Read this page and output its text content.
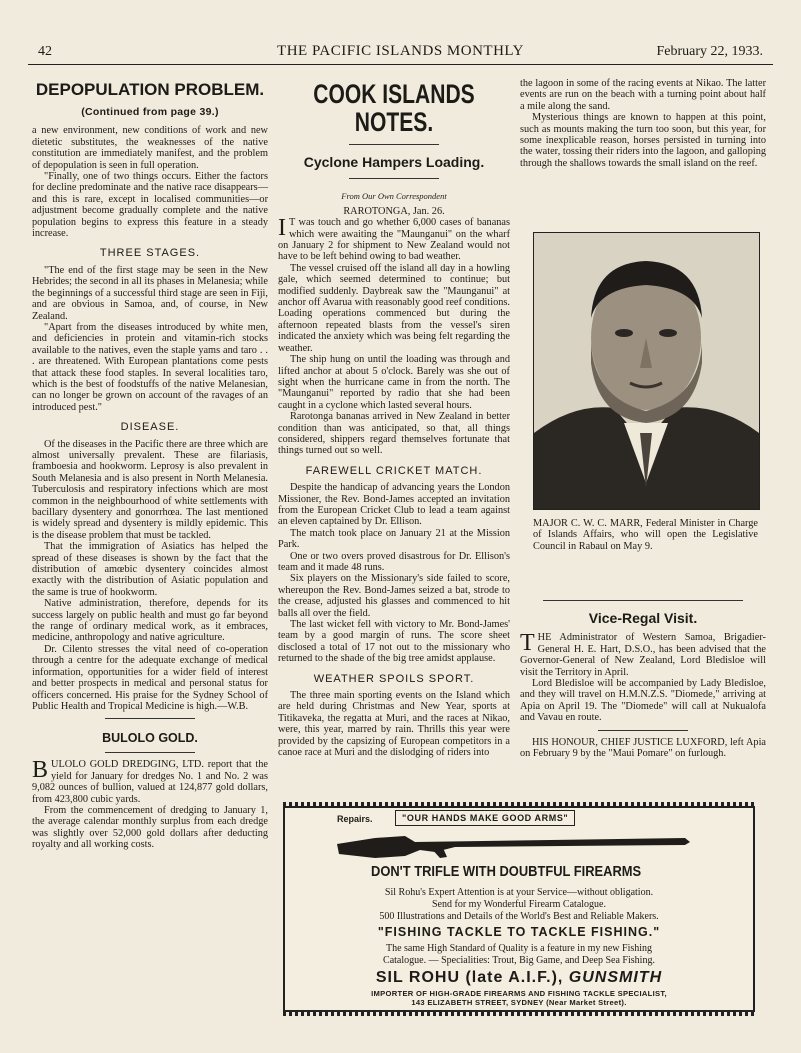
42	THE PACIFIC ISLANDS MONTHLY	February 22, 1933.
DEPOPULATION PROBLEM.
(Continued from page 39.)

a new environment, new conditions of work and new dietetic substitutes, the weaknesses of the native constitution are immediately manifest, and the problem of depopulation is seen in full operation.

"Finally, one of two things occurs. Either the factors for decline predominate and the native race disappears—and this is rare, except in localised communities—or adjustment become gradually complete and the native population begins to express this feature in a steady increase.

THREE STAGES.

"The end of the first stage may be seen in the New Hebrides; the second in all its phases in Melanesia; while the beginnings of a successful third stage are seen in Fiji, and are obvious in Samoa, and, of course, in New Zealand.

"Apart from the diseases introduced by white men, and deficiencies in protein and vitamin-rich stocks available to the natives, even the staple yams and taro . . . are threatened. With European plantations come pests that attack these food staples. In several localities taro, which is the best of foodstuffs of the native Melanesian, can no longer be grown on account of the ravages of an introduced pest."

DISEASE.

Of the diseases in the Pacific there are three which are almost universally prevalent. These are filariasis, framboesia and hookworm. Leprosy is also prevalent in South Melanesia and is also present in North Melanesia. Tuberculosis and respiratory infections which are most common in the neighbourhood of white settlements with bacillary dysentery and gonorrhœa. The last mentioned is widely spread and dysentery is mildly epidemic. This is the disease problem that must be tackled.

That the immigration of Asiatics has helped the spread of these diseases is shown by the fact that the distribution of amœbic dysentery coincides almost exactly with the distribution of Asiatic population and the same is true of hookworm.

Native administration, therefore, depends for its success largely on public health and must go far beyond the range of ordinary medical work, as it embraces, medicine, anthropology and native agriculture.

Dr. Cilento stresses the vital need of co-operation through a centre for the adequate exchange of medical information, opportunities for a wider field of interest and better prospects in medical and personal status for officers concerned. His praise for the Sydney School of Public Health and Tropical Medicine is high.—W.B.

BULOLO GOLD.

BULOLO GOLD DREDGING, LTD. report that the yield for January for dredges No. 1 and No. 2 was 9,082 ounces of bullion, valued at 124,877 gold dollars, from 423,800 cubic yards.

From the commencement of dredging to January 1, the average calendar monthly surplus from each dredge was slightly over 52,000 gold dollars after deducting royalty and all working costs.

COOK ISLANDS NOTES.
Cyclone Hampers Loading.
From Our Own Correspondent
RAROTONGA, Jan. 26.

I T was touch and go whether 6,000 cases of bananas which were awaiting the "Maunganui" on the wharf on January 2 for shipment to New Zealand would not have to be left behind owing to bad weather.

The vessel cruised off the island all day in a howling gale, which seemed determined to continue; but modified suddenly. Daybreak saw the "Maunganui" at anchor off Avarua with reasonably good reef conditions. Loading operations commenced but during the afternoon repeated blasts from the vessel's siren indicated the anxiety which was being felt regarding the weather.

The ship hung on until the loading was through and lifted anchor at about 5 o'clock. Barely was she out of sight when the hurricane came in from the north. The "Maunganui" reported by radio that she had been caught in a cyclone which lasted several hours.

Rarotonga bananas arrived in New Zealand in better condition than was anticipated, so that, all things considered, shippers regard themselves fortunate that things turned out so well.

FAREWELL CRICKET MATCH.

Despite the handicap of advancing years the London Missioner, the Rev. Bond-James accepted an invitation from the European Cricket Club to lead a team against an eleven captained by Dr. Ellison.

The match took place on January 21 at the Mission Park.

One or two overs proved disastrous for Dr. Ellison's team and it made 48 runs.

Six players on the Missionary's side failed to score, whereupon the Rev. Bond-James seized a bat, strode to the crease, adjusted his glasses and commenced to hit balls all over the field.

The last wicket fell with victory to Mr. Bond-James' team by a good margin of runs. The score sheet disclosed a total of 17 not out to the missionary who returned to the shade of the big tree amidst applause.

WEATHER SPOILS SPORT.

The three main sporting events on the Island which are held during Christmas and New Year, sports at Titikaveka, the regatta at Muri, and the races at Nikao, were, this year, marred by rain. Thrills this year were provided by the capsizing of European competitors in a canoe race at Muri and the dislodging of riders into

the lagoon in some of the racing events at Nikao. The latter events are run on the beach with a turning point about half a mile along the sand.

Mysterious things are known to happen at this point, such as mounts making the turn too soon, but this year, for some inexplicable reason, horses persisted in turning into the water, tossing their riders into the lagoon, and galloping through the shallows towards the small island on the reef.

MAJOR C. W. C. MARR, Federal Minister in Charge of Islands Affairs, who will open the Legislative Council in Rabaul on May 9.
Vice-Regal Visit.

THE Administrator of Western Samoa, Brigadier-General H. E. Hart, D.S.O., has been advised that the Governor-General of New Zealand, Lord Bledisloe will visit the Territory in April.

Lord Bledisloe will be accompanied by Lady Bledisloe, and they will travel on H.M.N.Z.S. "Diomede," arriving at Apia on April 19. The "Diomede" will call at Nukualofa and Vavau en route.

HIS HONOUR, CHIEF JUSTICE LUXFORD, left Apia on February 9 by the "Maui Pomare" on furlough.

Repairs.	"OUR HANDS MAKE GOOD ARMS"
DON'T TRIFLE WITH DOUBTFUL FIREARMS
Sil Rohu's Expert Attention is at your Service—without obligation.
Send for my Wonderful Firearm Catalogue.
500 Illustrations and Details of the World's Best and Reliable Makers.
"FISHING TACKLE TO TACKLE FISHING."
The same High Standard of Quality is a feature in my new Fishing
Catalogue. — Specialities: Trout, Big Game, and Deep Sea Fishing.
SIL ROHU (late A.I.F.), GUNSMITH
IMPORTER OF HIGH-GRADE FIREARMS AND FISHING TACKLE SPECIALIST,
143 ELIZABETH STREET, SYDNEY (Near Market Street).
